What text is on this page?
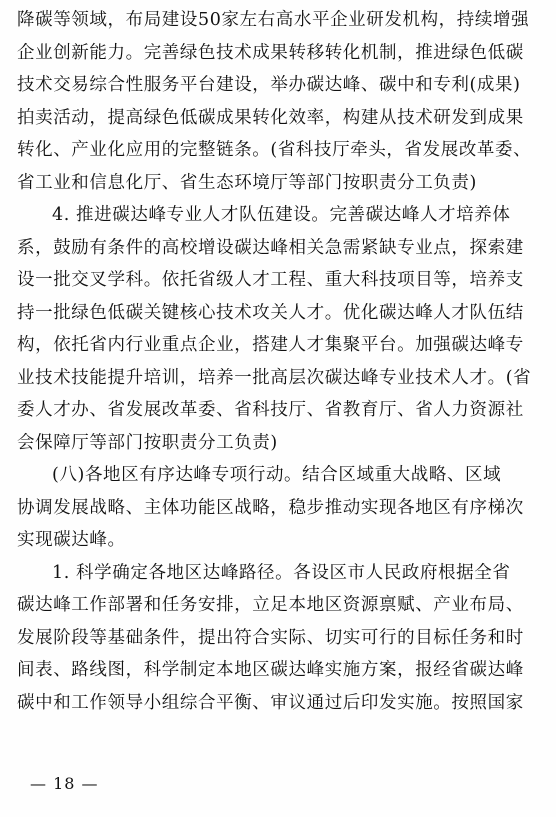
降碳等领域，布局建设50家左右高水平企业研发机构，持续增强
企业创新能力。完善绿色技术成果转移转化机制，推进绿色低碳
技术交易综合性服务平台建设，举办碳达峰、碳中和专利(成果)
拍卖活动，提高绿色低碳成果转化效率，构建从技术研发到成果
转化、产业化应用的完整链条。(省科技厅牵头，省发展改革委、
省工业和信息化厅、省生态环境厅等部门按职责分工负责)
4. 推进碳达峰专业人才队伍建设。完善碳达峰人才培养体
系，鼓励有条件的高校增设碳达峰相关急需紧缺专业点，探索建
设一批交叉学科。依托省级人才工程、重大科技项目等，培养支
持一批绿色低碳关键核心技术攻关人才。优化碳达峰人才队伍结
构，依托省内行业重点企业，搭建人才集聚平台。加强碳达峰专
业技术技能提升培训，培养一批高层次碳达峰专业技术人才。(省
委人才办、省发展改革委、省科技厅、省教育厅、省人力资源社
会保障厅等部门按职责分工负责)
(八)各地区有序达峰专项行动。结合区域重大战略、区域
协调发展战略、主体功能区战略，稳步推动实现各地区有序梯次
实现碳达峰。
1. 科学确定各地区达峰路径。各设区市人民政府根据全省
碳达峰工作部署和任务安排，立足本地区资源禀赋、产业布局、
发展阶段等基础条件，提出符合实际、切实可行的目标任务和时
间表、路线图，科学制定本地区碳达峰实施方案，报经省碳达峰
碳中和工作领导小组综合平衡、审议通过后印发实施。按照国家
— 18 —
